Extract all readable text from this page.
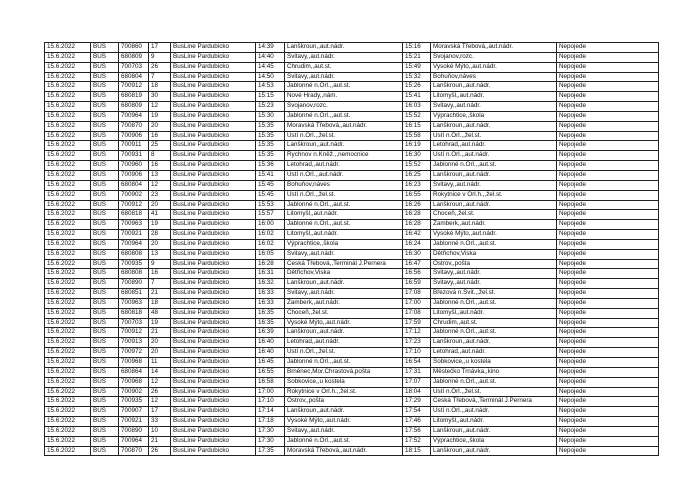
15.6.2022	BUS	700860	17	BusLine Pardubicko	14:39	Lanškroun,,aut.nádr.	15:16	Moravská Třebová,,aut.nádr.	Nepojede
15.6.2022	BUS	680809	9	BusLine Pardubicko	14:40	Svitavy,,aut.nádr.	15:21	Svojanov,rozc.	Nepojede
15.6.2022	BUS	700703	26	BusLine Pardubicko	14:45	Chrudim,,aut.st.	15:49	Vysoké Mýto,,aut.nádr.	Nepojede
15.6.2022	BUS	680804	7	BusLine Pardubicko	14:50	Svitavy,,aut.nádr.	15:32	Bohuňov,náves	Nepojede
15.6.2022	BUS	700912	18	BusLine Pardubicko	14:53	Jablonné n.Orl.,,aut.st.	15:26	Lanškroun,,aut.nádr.	Nepojede
15.6.2022	BUS	680819	30	BusLine Pardubicko	15:15	Nové Hrady,,nám.	15:41	Litomyšl,,aut.nádr.	Nepojede
15.6.2022	BUS	680809	12	BusLine Pardubicko	15:23	Svojanov,rozc.	16:03	Svitavy,,aut.nádr.	Nepojede
15.6.2022	BUS	700964	19	BusLine Pardubicko	15:30	Jablonné n.Orl.,,aut.st.	15:52	Výprachtice,,škola	Nepojede
15.6.2022	BUS	700870	20	BusLine Pardubicko	15:35	Moravská Třebová,,aut.nádr.	16:15	Lanškroun,,aut.nádr.	Nepojede
15.6.2022	BUS	700906	16	BusLine Pardubicko	15:35	Ústí n.Orl.,,žel.st.	15:58	Ústí n.Orl.,,žel.st.	Nepojede
15.6.2022	BUS	700911	25	BusLine Pardubicko	15:35	Lanškroun,,aut.nádr.	16:19	Letohrad,,aut.nádr.	Nepojede
15.6.2022	BUS	700931	8	BusLine Pardubicko	15:35	Rychnov n.Kněž.,,nemocnice	16:30	Ústí n.Orl.,,aut.nádr.	Nepojede
15.6.2022	BUS	700960	16	BusLine Pardubicko	15:36	Letohrad,,aut.nádr.	15:52	Jablonné n.Orl.,,aut.st.	Nepojede
15.6.2022	BUS	700906	13	BusLine Pardubicko	15:41	Ústí n.Orl.,,aut.nádr.	16:25	Lanškroun,,aut.nádr.	Nepojede
15.6.2022	BUS	680804	12	BusLine Pardubicko	15:45	Bohuňov,náves	16:23	Svitavy,,aut.nádr.	Nepojede
15.6.2022	BUS	700902	23	BusLine Pardubicko	15:45	Ústí n.Orl.,,žel.st.	16:55	Rokytnice v Orl.h.,,žel.st.	Nepojede
15.6.2022	BUS	700912	20	BusLine Pardubicko	15:53	Jablonné n.Orl.,,aut.st.	16:26	Lanškroun,,aut.nádr.	Nepojede
15.6.2022	BUS	680818	41	BusLine Pardubicko	15:57	Litomyšl,,aut.nádr.	16:28	Choceň,,žel.st.	Nepojede
15.6.2022	BUS	700963	19	BusLine Pardubicko	16:00	Jablonné n.Orl.,,aut.st.	16:28	Žamberk,,aut.nádr.	Nepojede
15.6.2022	BUS	700921	28	BusLine Pardubicko	16:02	Litomyšl,,aut.nádr.	16:42	Vysoké Mýto,,aut.nádr.	Nepojede
15.6.2022	BUS	700964	20	BusLine Pardubicko	16:02	Výprachtice,,škola	16:24	Jablonné n.Orl.,,aut.st.	Nepojede
15.6.2022	BUS	680808	13	BusLine Pardubicko	16:05	Svitavy,,aut.nádr.	16:30	Dětřichov,Viska	Nepojede
15.6.2022	BUS	700935	9	BusLine Pardubicko	16:28	Česká Třebová,,Terminál J.Pernera	16:47	Ostrov,,pošta	Nepojede
15.6.2022	BUS	680808	16	BusLine Pardubicko	16:31	Dětřichov,Viska	16:56	Svitavy,,aut.nádr.	Nepojede
15.6.2022	BUS	700890	7	BusLine Pardubicko	16:32	Lanškroun,,aut.nádr.	16:59	Svitavy,,aut.nádr.	Nepojede
15.6.2022	BUS	680851	21	BusLine Pardubicko	16:33	Svitavy,,aut.nádr.	17:08	Březová n.Svit.,,žel.st.	Nepojede
15.6.2022	BUS	700963	18	BusLine Pardubicko	16:33	Žamberk,,aut.nádr.	17:00	Jablonné n.Orl.,,aut.st.	Nepojede
15.6.2022	BUS	680818	48	BusLine Pardubicko	16:35	Choceň,,žel.st.	17:08	Litomyšl,,aut.nádr.	Nepojede
15.6.2022	BUS	700703	19	BusLine Pardubicko	16:35	Vysoké Mýto,,aut.nádr.	17:59	Chrudim,,aut.st.	Nepojede
15.6.2022	BUS	700912	21	BusLine Pardubicko	16:39	Lanškroun,,aut.nádr.	17:12	Jablonné n.Orl.,,aut.st.	Nepojede
15.6.2022	BUS	700913	20	BusLine Pardubicko	16:40	Letohrad,,aut.nádr.	17:23	Lanškroun,,aut.nádr.	Nepojede
15.6.2022	BUS	700972	20	BusLine Pardubicko	16:40	Ústí n.Orl.,,žel.st.	17:10	Letohrad,,aut.nádr.	Nepojede
15.6.2022	BUS	700968	11	BusLine Pardubicko	16:45	Jablonné n.Orl.,,aut.st.	16:54	Sobkovice,,u kostela	Nepojede
15.6.2022	BUS	680864	14	BusLine Pardubicko	16:55	Brněnec,Mor.Chrastová,pošta	17:31	Městečko Trnávka,,kino	Nepojede
15.6.2022	BUS	700968	12	BusLine Pardubicko	16:58	Sobkovice,,u kostela	17:07	Jablonné n.Orl.,,aut.st.	Nepojede
15.6.2022	BUS	700902	26	BusLine Pardubicko	17:00	Rokytnice v Orl.h.,,žel.st.	18:04	Ústí n.Orl.,,žel.st.	Nepojede
15.6.2022	BUS	700935	12	BusLine Pardubicko	17:10	Ostrov,,pošta	17:29	Česká Třebová,,Terminál J.Pernera	Nepojede
15.6.2022	BUS	700907	17	BusLine Pardubicko	17:14	Lanškroun,,aut.nádr.	17:54	Ústí n.Orl.,,aut.nádr.	Nepojede
15.6.2022	BUS	700921	33	BusLine Pardubicko	17:18	Vysoké Mýto,,aut.nádr.	17:46	Litomyšl,,aut.nádr.	Nepojede
15.6.2022	BUS	700890	10	BusLine Pardubicko	17:30	Svitavy,,aut.nádr.	17:56	Lanškroun,,aut.nádr.	Nepojede
15.6.2022	BUS	700964	21	BusLine Pardubicko	17:30	Jablonné n.Orl.,,aut.st.	17:52	Výprachtice,,škola	Nepojede
15.6.2022	BUS	700870	26	BusLine Pardubicko	17:35	Moravská Třebová,,aut.nádr.	18:15	Lanškroun,,aut.nádr.	Nepojede
